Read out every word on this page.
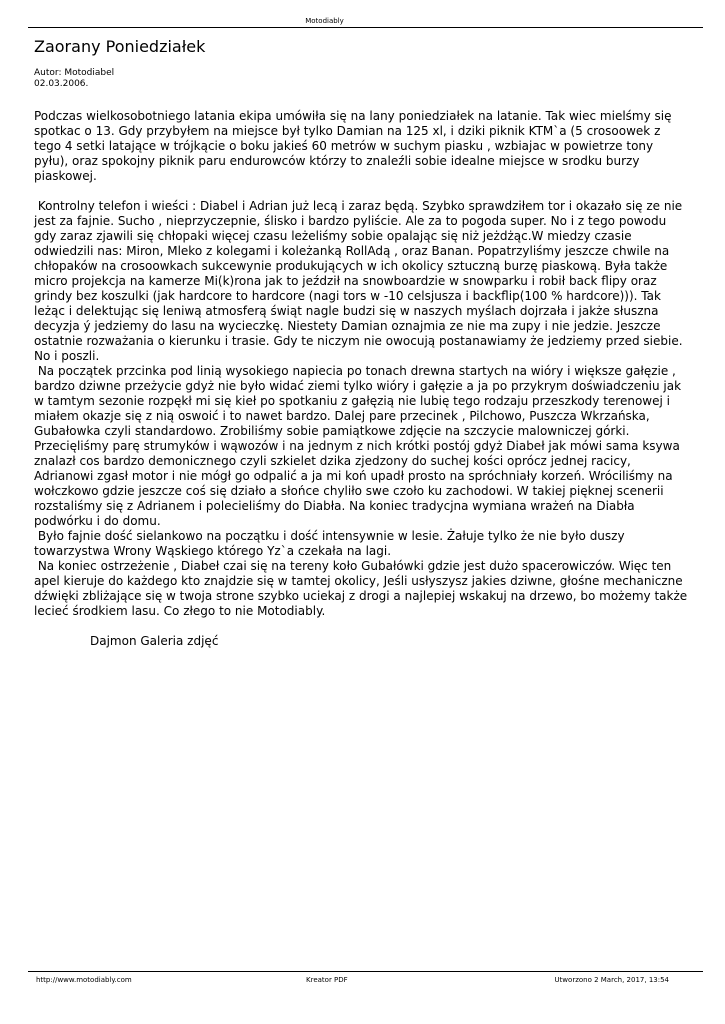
Motodiably
Zaorany Poniedziałek
Autor: Motodiabel
02.03.2006.

Podczas wielkosobotniego latania ekipa umówiła się na lany poniedziałek na latanie. Tak wiec mielśmy się spotkac o 13. Gdy przybyłem na miejsce był tylko Damian na 125 xl, i dziki piknik KTM`a (5 crosoowek z tego 4 setki latające w trójkącie o boku jakieś 60 metrów w suchym piasku , wzbiajac w powietrze tony pyłu), oraz spokojny piknik paru endurowców którzy to znaleźli sobie idealne miejsce w srodku burzy piaskowej.

Kontrolny telefon i wieści : Diabel i Adrian już lecą i zaraz będą. Szybko sprawdziłem tor i okazało się ze nie jest za fajnie. Sucho , nieprzyczepnie, ślisko i bardzo pyliście. Ale za to pogoda super. No i z tego powodu gdy zaraz zjawili się chłopaki więcej czasu leżeliśmy sobie opalając się niż jeżdżąc.W miedzy czasie odwiedzili nas: Miron, Mleko z kolegami i koleżanką RollAdą , oraz Banan. Popatrzyliśmy jeszcze chwile na chłopaków na crosoowkach sukcewynie produkujących w ich okolicy sztuczną burzę piaskową. Była także micro projekcja na kamerze Mi(k)rona jak to jeździł na snowboardzie w snowparku i robił back flipy oraz grindy bez koszulki (jak hardcore to hardcore (nagi tors w -10 celsjusza i backflip(100 % hardcore))). Tak leżąc i delektując się leniwą atmosferą świąt nagle budzi się w naszych myślach dojrzała i jakże słuszna decyzja ý jedziemy do lasu na wycieczkę. Niestety Damian oznajmia ze nie ma zupy i nie jedzie. Jeszcze ostatnie rozważania o kierunku i trasie. Gdy te niczym nie owocują postanawiamy że jedziemy przed siebie. No i poszli.

Na początek przcinka pod linią wysokiego napiecia po tonach drewna startych na wióry i większe gałęzie , bardzo dziwne przeżycie gdyż nie było widać ziemi tylko wióry i gałęzie a ja po przykrym doświadczeniu jak w tamtym sezonie rozpękł mi się kieł po spotkaniu z gałęzią nie lubię tego rodzaju przeszkody terenowej i miałem okazje się z nią oswoić i to nawet bardzo. Dalej pare przecinek , Pilchowo, Puszcza Wkrzańska, Gubałowka czyli standardowo. Zrobiliśmy sobie pamiątkowe zdjęcie na szczycie malowniczej górki. Przecięliśmy parę strumyków i wąwozów i na jednym z nich krótki postój gdyż Diabeł jak mówi sama ksywa znalazł cos bardzo demonicznego czyli szkielet dzika zjedzony do suchej kości oprócz jednej racicy, Adrianowi zgasł motor i nie mógł go odpalić a ja mi koń upadł prosto na spróchniały korzeń. Wróciliśmy na wołczkowo gdzie jeszcze coś się działo a słońce chyliło swe czoło ku zachodowi. W takiej pięknej scenerii rozstaliśmy się z Adrianem i polecieliśmy do Diabła. Na koniec tradycjna wymiana wrażeń na Diabła podwórku i do domu.

Było fajnie dość sielankowo na początku i dość intensywnie w lesie. Żałuje tylko że nie było duszy towarzystwa Wrony Wąskiego którego Yz`a czekała na lagi.

Na koniec ostrzeżenie , Diabeł czai się na tereny koło Gubałówki gdzie jest dużo spacerowiczów. Więc ten apel kieruje do każdego kto znajdzie się w tamtej okolicy, Jeśli usłyszysz jakies dziwne, głośne mechaniczne dźwięki zbliżające się w twoja strone szybko uciekaj z drogi a najlepiej wskakuj na drzewo, bo możemy także lecieć środkiem lasu. Co złego to nie Motodiably.

Dajmon Galeria zdjęć
http://www.motodiably.com	Kreator PDF	Utworzono 2 March, 2017, 13:54
